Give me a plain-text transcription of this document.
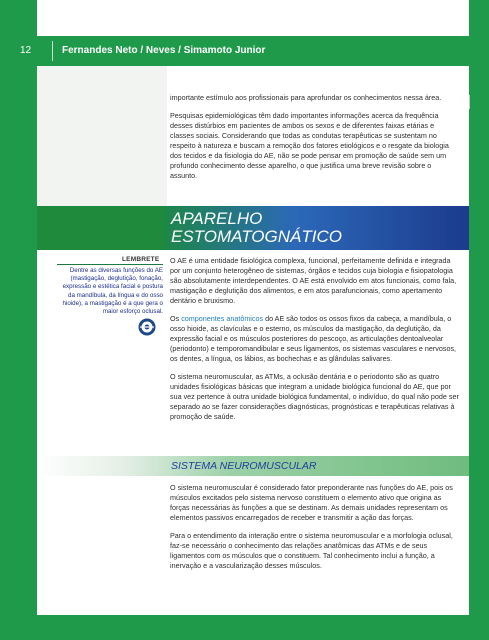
12	Fernandes Neto / Neves / Simamoto Junior

importante estímulo aos profissionais para aprofundar os conhecimentos nessa área.

Pesquisas epidemiológicas têm dado importantes informações acerca da frequência desses distúrbios em pacientes de ambos os sexos e de diferentes faixas etárias e classes sociais. Considerando que todas as condutas terapêuticas se sustentam no respeito à natureza e buscam a remoção dos fatores etiológicos e o resgate da biologia dos tecidos e da fisiologia do AE, não se pode pensar em promoção de saúde sem um profundo conhecimento desse aparelho, o que justifica uma breve revisão sobre o assunto.

APARELHO
ESTOMATOGNÁTICO
LEMBRETE
Dentre as diversas funções do AE (mastigação, deglutição, fonação, expressão e estética facial e postura da mandíbula, da língua e do osso hioide), a mastigação é a que gera o maior esforço oclusal.

O AE é uma entidade fisiológica complexa, funcional, perfeitamente definida e integrada por um conjunto heterogêneo de sistemas, órgãos e tecidos cuja biologia e fisiopatologia são absolutamente interdependentes. O AE está envolvido em atos funcionais, como fala, mastigação e deglutição dos alimentos, e em atos parafuncionais, como apertamento dentário e bruxismo.

Os componentes anatômicos do AE são todos os ossos fixos da cabeça, a mandíbula, o osso hioide, as clavículas e o esterno, os músculos da mastigação, da deglutição, da expressão facial e os músculos posteriores do pescoço, as articulações dentoalveolar (periodonto) e temporomandibular e seus ligamentos, os sistemas vasculares e nervosos, os dentes, a língua, os lábios, as bochechas e as glândulas salivares.

O sistema neuromuscular, as ATMs, a oclusão dentária e o periodonto são as quatro unidades fisiológicas básicas que integram a unidade biológica funcional do AE, que por sua vez pertence à outra unidade biológica fundamental, o indivíduo, do qual não pode ser separado ao se fazer considerações diagnósticas, prognósticas e terapêuticas relativas à promoção de saúde.

SISTEMA NEUROMUSCULAR

O sistema neuromuscular é considerado fator preponderante nas funções do AE, pois os músculos excitados pelo sistema nervoso constituem o elemento ativo que origina as forças necessárias às funções a que se destinam. As demais unidades representam os elementos passivos encarregados de receber e transmitir a ação das forças.

Para o entendimento da interação entre o sistema neuromuscular e a morfologia oclusal, faz-se necessário o conhecimento das relações anatômicas das ATMs e de seus ligamentos com os músculos que o constituem. Tal conhecimento inclui a função, a inervação e a vascularização desses músculos.
